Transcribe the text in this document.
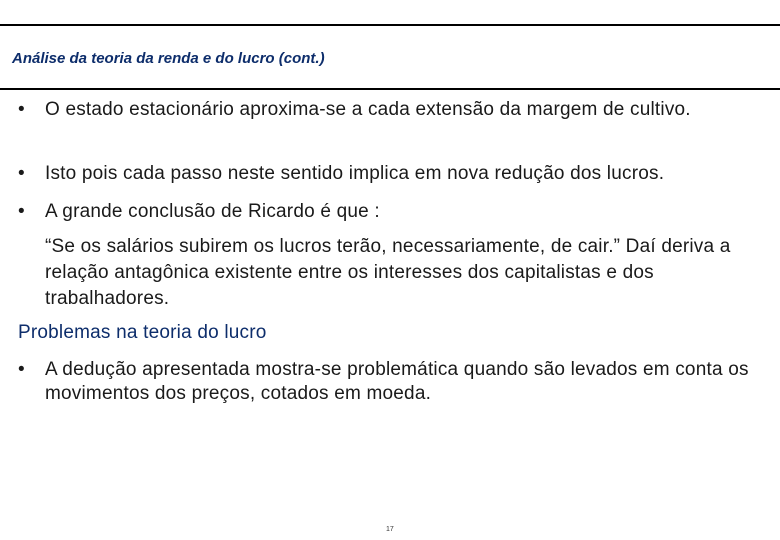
Análise da teoria da renda e do lucro (cont.)
•	O estado estacionário aproxima-se a cada extensão da margem de cultivo.
•	Isto pois cada passo neste sentido implica em nova redução dos lucros.
•	A grande conclusão de Ricardo é que :
“Se os salários subirem os lucros terão, necessariamente, de cair.” Daí deriva a relação antagônica existente entre os interesses dos capitalistas e dos trabalhadores.
Problemas na teoria do lucro
•	A dedução apresentada mostra-se problemática quando são levados em conta os movimentos dos preços, cotados em moeda.
17
